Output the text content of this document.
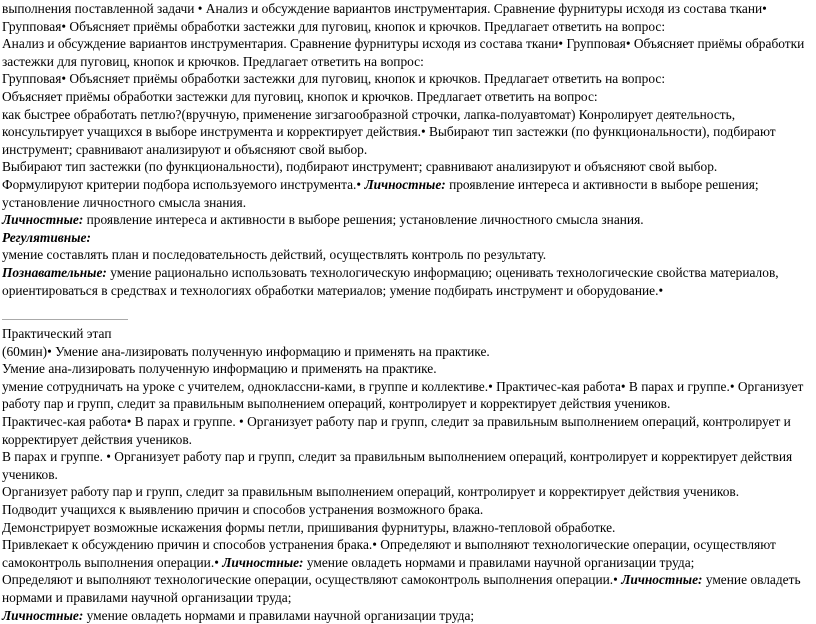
выполнения поставленной задачи • Анализ и обсуждение вариантов инструментария. Сравнение фурнитуры исходя из состава ткани• Групповая• Объясняет приёмы обработки застежки для пуговиц, кнопок и крючков. Предлагает ответить на вопрос:
Анализ и обсуждение вариантов инструментария. Сравнение фурнитуры исходя из состава ткани• Групповая• Объясняет приёмы обработки застежки для пуговиц, кнопок и крючков. Предлагает ответить на вопрос:
Групповая• Объясняет приёмы обработки застежки для пуговиц, кнопок и крючков. Предлагает ответить на вопрос:
Объясняет приёмы обработки застежки для пуговиц, кнопок и крючков. Предлагает ответить на вопрос:
как быстрее обработать петлю?(вручную, применение зигзагообразной строчки, лапка-полуавтомат) Конролирует деятельность, консультирует учащихся в выборе инструмента и корректирует действия.• Выбирают тип застежки (по функциональности), подбирают инструмент; сравнивают анализируют и объясняют свой выбор.
Выбирают тип застежки (по функциональности), подбирают инструмент; сравнивают анализируют и объясняют свой выбор.
Формулируют критерии подбора используемого инструмента.• Личностные: проявление интереса и активности в выборе решения; установление личностного смысла знания.
Личностные: проявление интереса и активности в выборе решения; установление личностного смысла знания.
Регулятивные:
умение составлять план и последовательность действий, осуществлять контроль по результату.
Познавательные: умение рационально использовать технологическую информацию; оценивать технологические свойства материалов, ориентироваться в средствах и технологиях обработки материалов; умение подбирать инструмент и оборудование.•
Практический этап
(60мин)• Умение ана-лизировать полученную информацию и применять на практике.
Умение ана-лизировать полученную информацию и применять на практике.
умение сотрудничать на уроке с учителем, одноклассни-ками, в группе и коллективе.• Практичес-кая работа• В парах и группе.• Организует работу пар и групп, следит за правильным выполнением операций, контролирует и корректирует действия учеников.
Практичес-кая работа• В парах и группе. • Организует работу пар и групп, следит за правильным выполнением операций, контролирует и корректирует действия учеников.
В парах и группе. • Организует работу пар и групп, следит за правильным выполнением операций, контролирует и корректирует действия учеников.
Организует работу пар и групп, следит за правильным выполнением операций, контролирует и корректирует действия учеников.
Подводит учащихся к выявлению причин и способов устранения возможного брака.
Демонстрирует возможные искажения формы петли, пришивания фурнитуры, влажно-тепловой обработке.
Привлекает к обсуждению причин и способов устранения брака.• Определяют и выполняют технологические операции, осуществляют самоконтроль выполнения операции.• Личностные: умение овладеть нормами и правилами научной организации труда;
Определяют и выполняют технологические операции, осуществляют самоконтроль выполнения операции.• Личностные: умение овладеть нормами и правилами научной организации труда;
Личностные: умение овладеть нормами и правилами научной организации труда;
